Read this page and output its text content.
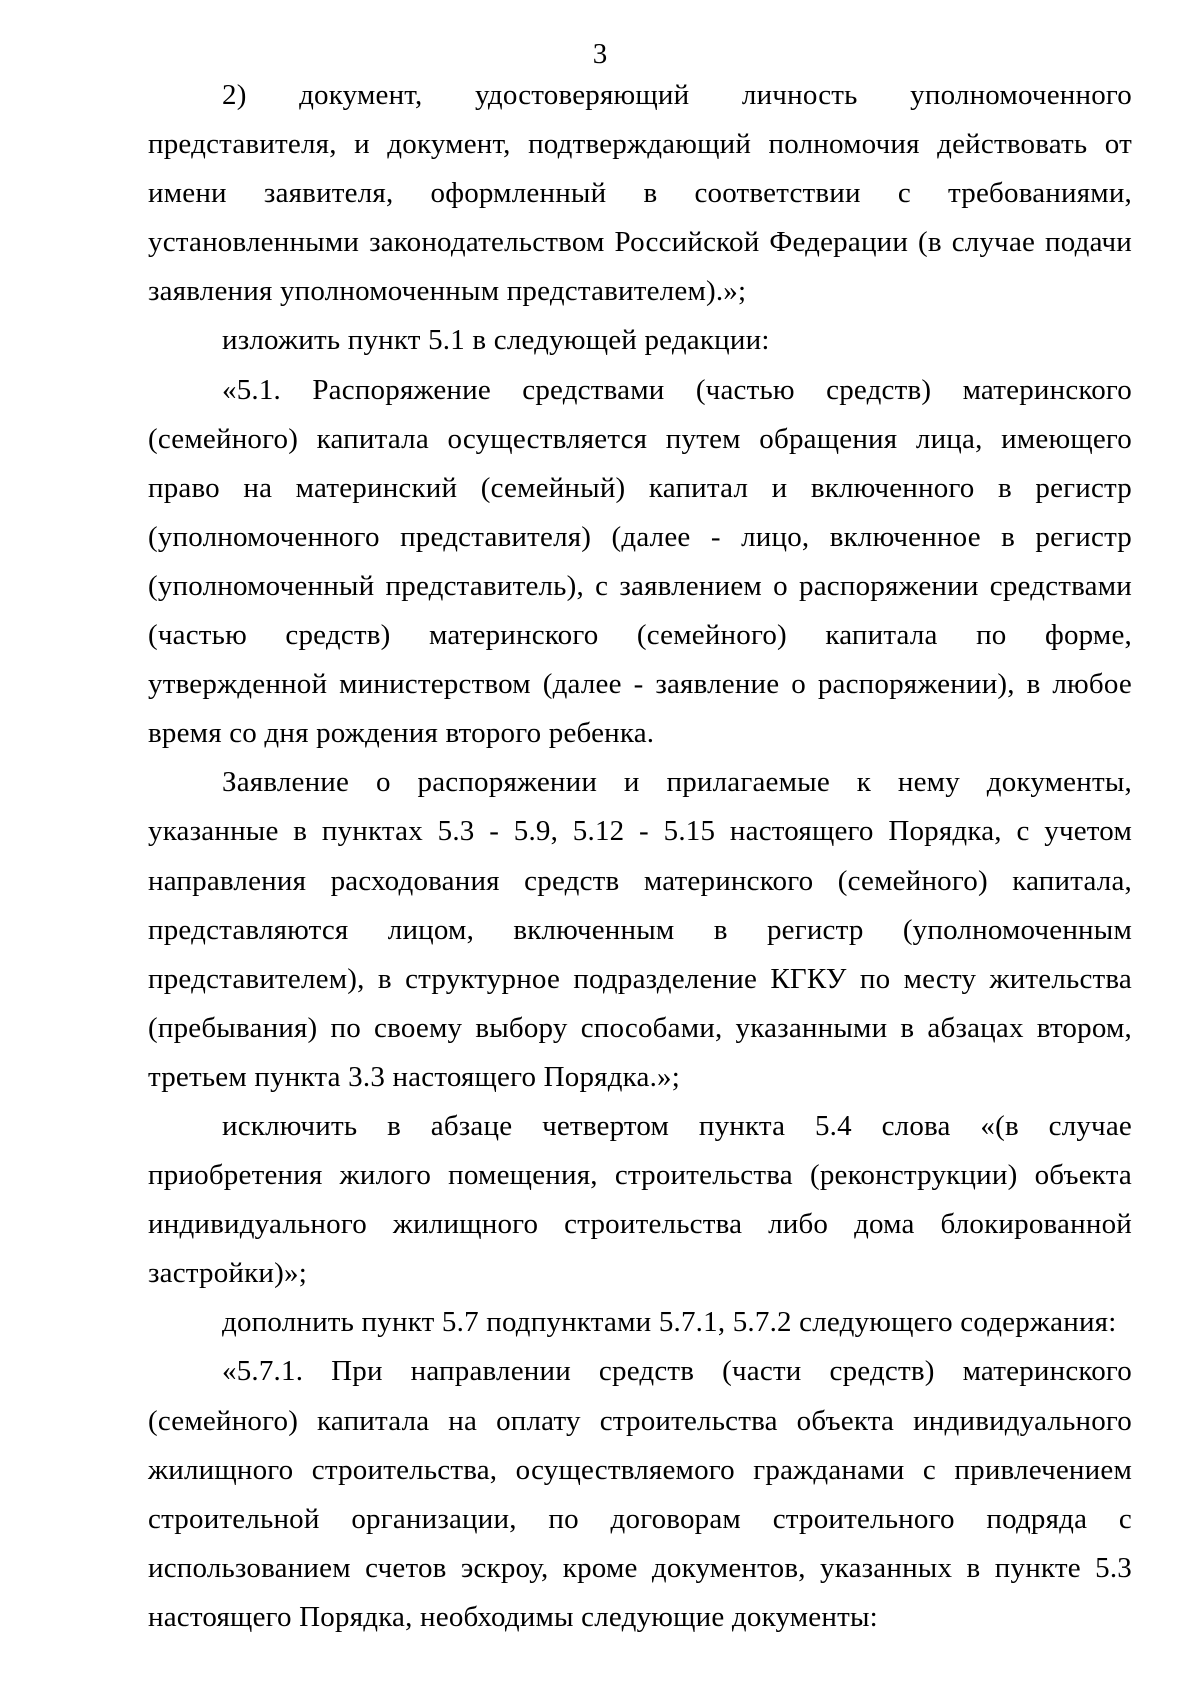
3

2) документ, удостоверяющий личность уполномоченного представителя, и документ, подтверждающий полномочия действовать от имени заявителя, оформленный в соответствии с требованиями, установленными законодательством Российской Федерации (в случае подачи заявления уполномоченным представителем).»;

изложить пункт 5.1 в следующей редакции:

«5.1. Распоряжение средствами (частью средств) материнского (семейного) капитала осуществляется путем обращения лица, имеющего право на материнский (семейный) капитал и включенного в регистр (уполномоченного представителя) (далее - лицо, включенное в регистр (уполномоченный представитель), с заявлением о распоряжении средствами (частью средств) материнского (семейного) капитала по форме, утвержденной министерством (далее - заявление о распоряжении), в любое время со дня рождения второго ребенка.

Заявление о распоряжении и прилагаемые к нему документы, указанные в пунктах 5.3 - 5.9, 5.12 - 5.15 настоящего Порядка, с учетом направления расходования средств материнского (семейного) капитала, представляются лицом, включенным в регистр (уполномоченным представителем), в структурное подразделение КГКУ по месту жительства (пребывания) по своему выбору способами, указанными в абзацах втором, третьем пункта 3.3 настоящего Порядка.»;

исключить в абзаце четвертом пункта 5.4 слова «(в случае приобретения жилого помещения, строительства (реконструкции) объекта индивидуального жилищного строительства либо дома блокированной застройки)»;

дополнить пункт 5.7 подпунктами 5.7.1, 5.7.2 следующего содержания:

«5.7.1. При направлении средств (части средств) материнского (семейного) капитала на оплату строительства объекта индивидуального жилищного строительства, осуществляемого гражданами с привлечением строительной организации, по договорам строительного подряда с использованием счетов эскроу, кроме документов, указанных в пункте 5.3 настоящего Порядка, необходимы следующие документы:
